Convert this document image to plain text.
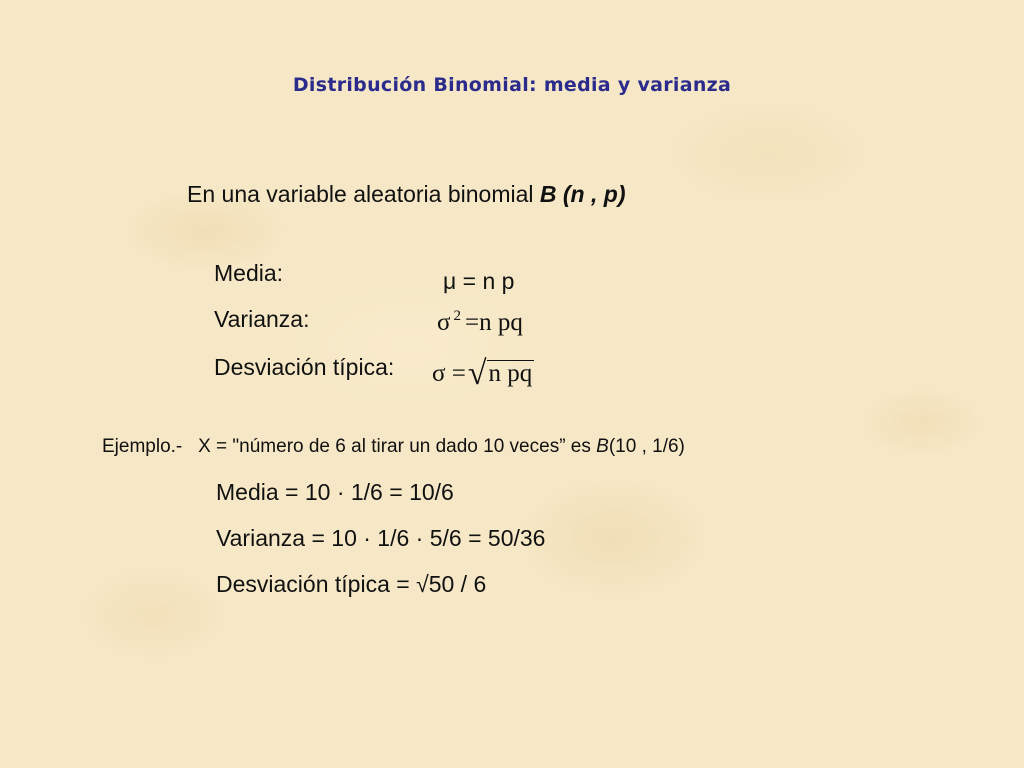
Distribución Binomial: media y varianza
En una variable aleatoria binomial B (n , p)
Media:
Varianza:
Desviación típica:
μ = n p
σ $^2$ =n pq
σ =√n pq
Ejemplo.- X = "número de 6 al tirar un dado 10 veces” es B(10 , 1/6)
Media = 10 · 1/6 = 10/6
Varianza = 10 · 1/6 · 5/6 = 50/36
Desviación típica = √50 / 6
